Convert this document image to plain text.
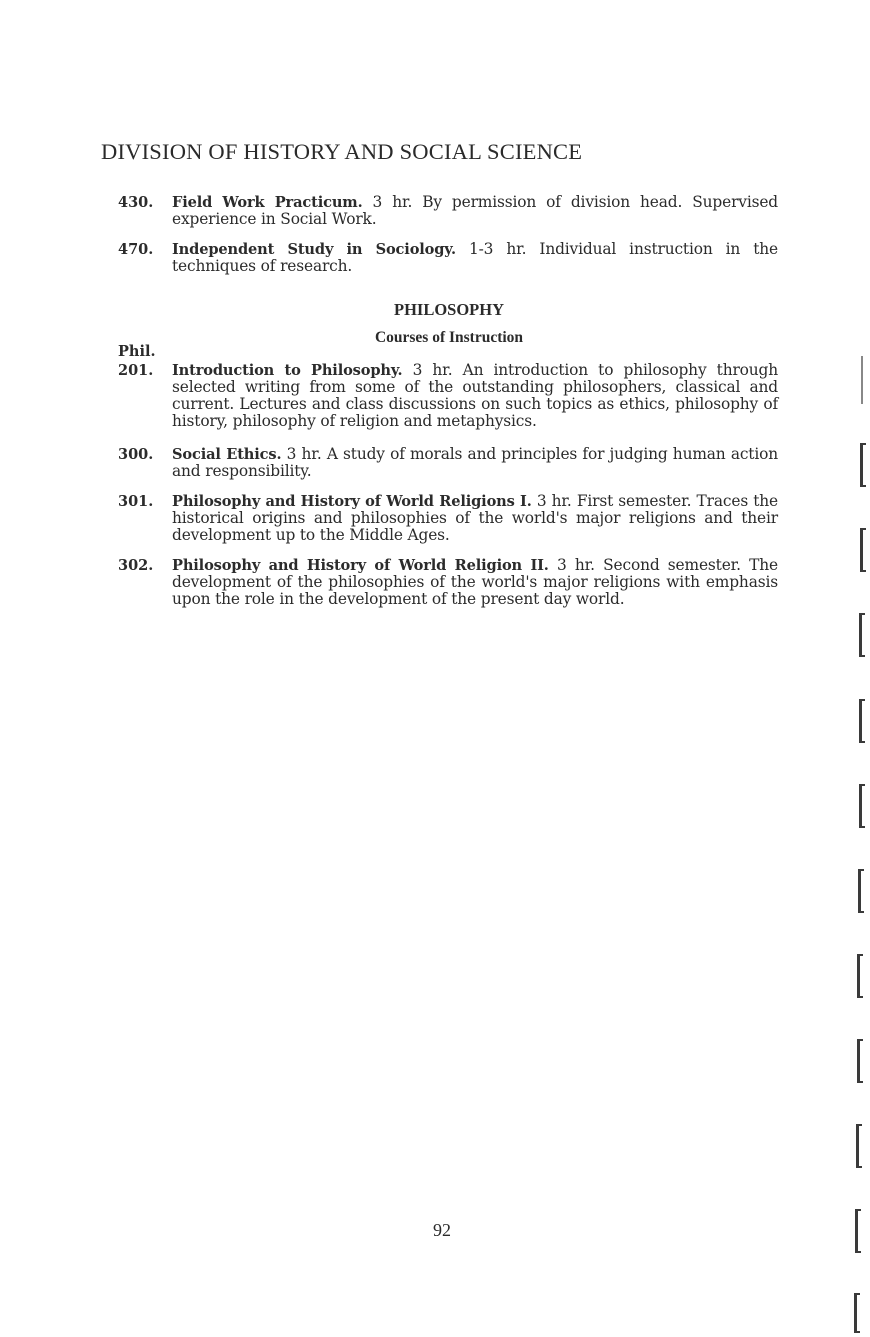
DIVISION OF HISTORY AND SOCIAL SCIENCE
430. Field Work Practicum. 3 hr. By permission of division head. Supervised experience in Social Work.
470. Independent Study in Sociology. 1-3 hr. Individual instruction in the techniques of research.
PHILOSOPHY
Courses of Instruction
Phil.
201. Introduction to Philosophy. 3 hr. An introduction to philosophy through selected writing from some of the outstanding philosophers, classical and current. Lectures and class discussions on such topics as ethics, philosophy of history, philosophy of religion and metaphysics.
300. Social Ethics. 3 hr. A study of morals and principles for judging human action and responsibility.
301. Philosophy and History of World Religions I. 3 hr. First semester. Traces the historical origins and philosophies of the world's major religions and their development up to the Middle Ages.
302. Philosophy and History of World Religion II. 3 hr. Second semester. The development of the philosophies of the world's major religions with emphasis upon the role in the development of the present day world.
92
